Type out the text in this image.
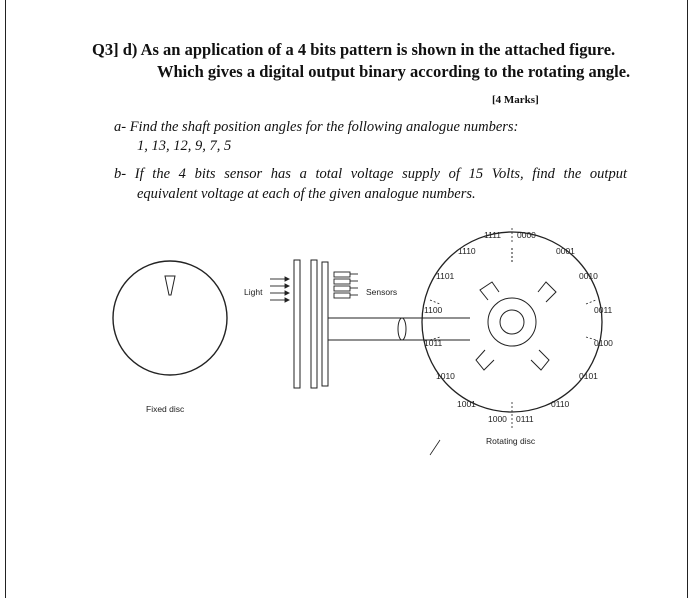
Q3] d) As an application of a 4 bits pattern is shown in the attached figure.
Which gives a digital output binary according to the rotating angle.
[4 Marks]
a- Find the shaft position angles for the following analogue numbers:
1, 13, 12, 9, 7, 5
b- If the 4 bits sensor has a total voltage supply of 15 Volts, find the output
equivalent voltage at each of the given analogue numbers.
Fixed disc
Light	Sensors
0000
0001
0010
0011
0100
0101
0110
0111
1000
1001
1010
1011
1100
1101
1110
1111
Rotating disc
